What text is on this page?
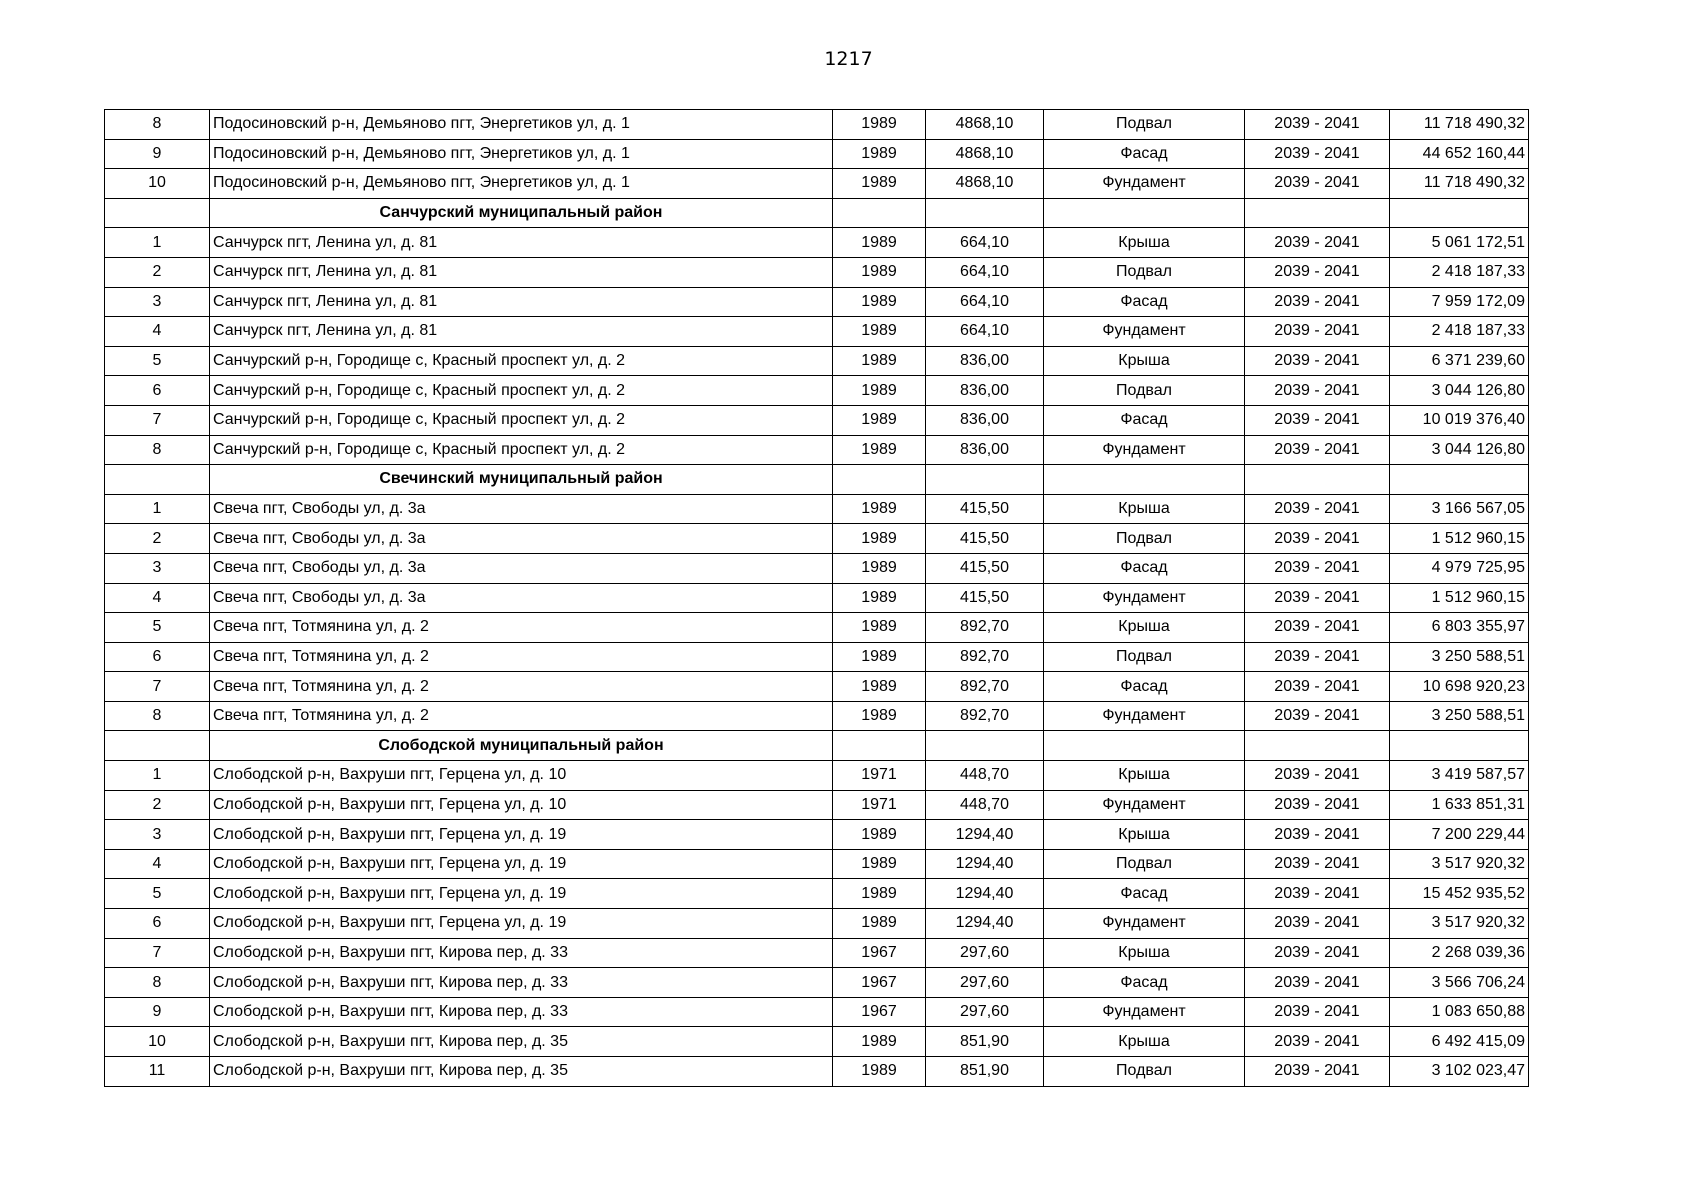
1217
8	Подосиновский р-н, Демьяново пгт, Энергетиков ул, д. 1	1989	4868,10	Подвал	2039 - 2041	11 718 490,32
9	Подосиновский р-н, Демьяново пгт, Энергетиков ул, д. 1	1989	4868,10	Фасад	2039 - 2041	44 652 160,44
10	Подосиновский р-н, Демьяново пгт, Энергетиков ул, д. 1	1989	4868,10	Фундамент	2039 - 2041	11 718 490,32
	Санчурский муниципальный район					
1	Санчурск пгт, Ленина ул, д. 81	1989	664,10	Крыша	2039 - 2041	5 061 172,51
2	Санчурск пгт, Ленина ул, д. 81	1989	664,10	Подвал	2039 - 2041	2 418 187,33
3	Санчурск пгт, Ленина ул, д. 81	1989	664,10	Фасад	2039 - 2041	7 959 172,09
4	Санчурск пгт, Ленина ул, д. 81	1989	664,10	Фундамент	2039 - 2041	2 418 187,33
5	Санчурский р-н, Городище с, Красный проспект ул, д. 2	1989	836,00	Крыша	2039 - 2041	6 371 239,60
6	Санчурский р-н, Городище с, Красный проспект ул, д. 2	1989	836,00	Подвал	2039 - 2041	3 044 126,80
7	Санчурский р-н, Городище с, Красный проспект ул, д. 2	1989	836,00	Фасад	2039 - 2041	10 019 376,40
8	Санчурский р-н, Городище с, Красный проспект ул, д. 2	1989	836,00	Фундамент	2039 - 2041	3 044 126,80
	Свечинский муниципальный район					
1	Свеча пгт, Свободы ул, д. 3а	1989	415,50	Крыша	2039 - 2041	3 166 567,05
2	Свеча пгт, Свободы ул, д. 3а	1989	415,50	Подвал	2039 - 2041	1 512 960,15
3	Свеча пгт, Свободы ул, д. 3а	1989	415,50	Фасад	2039 - 2041	4 979 725,95
4	Свеча пгт, Свободы ул, д. 3а	1989	415,50	Фундамент	2039 - 2041	1 512 960,15
5	Свеча пгт, Тотмянина ул, д. 2	1989	892,70	Крыша	2039 - 2041	6 803 355,97
6	Свеча пгт, Тотмянина ул, д. 2	1989	892,70	Подвал	2039 - 2041	3 250 588,51
7	Свеча пгт, Тотмянина ул, д. 2	1989	892,70	Фасад	2039 - 2041	10 698 920,23
8	Свеча пгт, Тотмянина ул, д. 2	1989	892,70	Фундамент	2039 - 2041	3 250 588,51
	Слободской муниципальный район					
1	Слободской р-н, Вахруши пгт, Герцена ул, д. 10	1971	448,70	Крыша	2039 - 2041	3 419 587,57
2	Слободской р-н, Вахруши пгт, Герцена ул, д. 10	1971	448,70	Фундамент	2039 - 2041	1 633 851,31
3	Слободской р-н, Вахруши пгт, Герцена ул, д. 19	1989	1294,40	Крыша	2039 - 2041	7 200 229,44
4	Слободской р-н, Вахруши пгт, Герцена ул, д. 19	1989	1294,40	Подвал	2039 - 2041	3 517 920,32
5	Слободской р-н, Вахруши пгт, Герцена ул, д. 19	1989	1294,40	Фасад	2039 - 2041	15 452 935,52
6	Слободской р-н, Вахруши пгт, Герцена ул, д. 19	1989	1294,40	Фундамент	2039 - 2041	3 517 920,32
7	Слободской р-н, Вахруши пгт, Кирова пер, д. 33	1967	297,60	Крыша	2039 - 2041	2 268 039,36
8	Слободской р-н, Вахруши пгт, Кирова пер, д. 33	1967	297,60	Фасад	2039 - 2041	3 566 706,24
9	Слободской р-н, Вахруши пгт, Кирова пер, д. 33	1967	297,60	Фундамент	2039 - 2041	1 083 650,88
10	Слободской р-н, Вахруши пгт, Кирова пер, д. 35	1989	851,90	Крыша	2039 - 2041	6 492 415,09
11	Слободской р-н, Вахруши пгт, Кирова пер, д. 35	1989	851,90	Подвал	2039 - 2041	3 102 023,47
